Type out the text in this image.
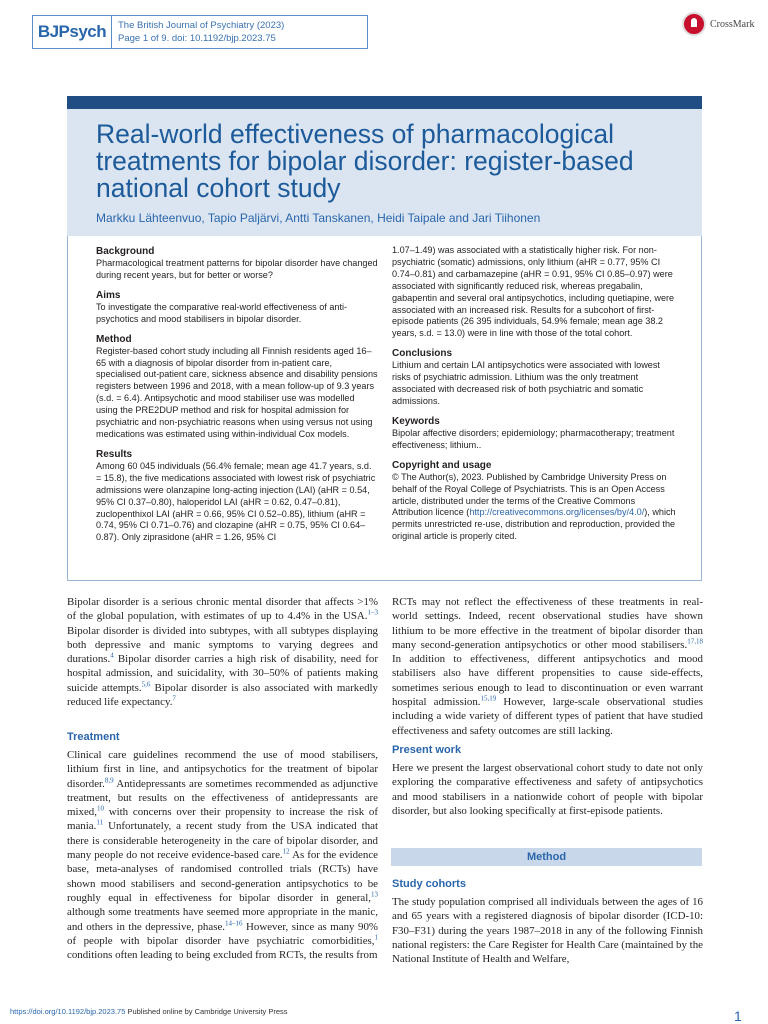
BJPsych	The British Journal of Psychiatry (2023)
Page 1 of 9. doi: 10.1192/bjp.2023.75
CrossMark
Real-world effectiveness of pharmacological treatments for bipolar disorder: register-based national cohort study
Markku Lähteenvuo, Tapio Paljärvi, Antti Tanskanen, Heidi Taipale and Jari Tiihonen
Background

Pharmacological treatment patterns for bipolar disorder have changed during recent years, but for better or worse?

Aims

To investigate the comparative real-world effectiveness of anti-psychotics and mood stabilisers in bipolar disorder.

Method

Register-based cohort study including all Finnish residents aged 16–65 with a diagnosis of bipolar disorder from in-patient care, specialised out-patient care, sickness absence and disability pensions registers between 1996 and 2018, with a mean follow-up of 9.3 years (s.d. = 6.4). Antipsychotic and mood stabiliser use was modelled using the PRE2DUP method and risk for hospital admission for psychiatric and non-psychiatric reasons when using versus not using medications was estimated using within-individual Cox models.

Results

Among 60 045 individuals (56.4% female; mean age 41.7 years, s.d. = 15.8), the five medications associated with lowest risk of psychiatric admissions were olanzapine long-acting injection (LAI) (aHR = 0.54, 95% CI 0.37–0.80), haloperidol LAI (aHR = 0.62, 0.47–0.81), zuclopenthixol LAI (aHR = 0.66, 95% CI 0.52–0.85), lithium (aHR = 0.74, 95% CI 0.71–0.76) and clozapine (aHR = 0.75, 95% CI 0.64–0.87). Only ziprasidone (aHR = 1.26, 95% CI

1.07–1.49) was associated with a statistically higher risk. For non-psychiatric (somatic) admissions, only lithium (aHR = 0.77, 95% CI 0.74–0.81) and carbamazepine (aHR = 0.91, 95% CI 0.85–0.97) were associated with significantly reduced risk, whereas pregabalin, gabapentin and several oral antipsychotics, including quetiapine, were associated with an increased risk. Results for a subcohort of first-episode patients (26 395 individuals, 54.9% female; mean age 38.2 years, s.d. = 13.0) were in line with those of the total cohort.

Conclusions

Lithium and certain LAI antipsychotics were associated with lowest risks of psychiatric admission. Lithium was the only treatment associated with decreased risk of both psychiatric and somatic admissions.

Keywords

Bipolar affective disorders; epidemiology; pharmacotherapy; treatment effectiveness; lithium..

Copyright and usage

© The Author(s), 2023. Published by Cambridge University Press on behalf of the Royal College of Psychiatrists. This is an Open Access article, distributed under the terms of the Creative Commons Attribution licence (http://creativecommons.org/licenses/by/4.0/), which permits unrestricted re-use, distribution and reproduction, provided the original article is properly cited.

Bipolar disorder is a serious chronic mental disorder that affects >1% of the global population, with estimates of up to 4.4% in the USA.$^{1-3}$ Bipolar disorder is divided into subtypes, with all subtypes displaying both depressive and manic symptoms to varying degrees and durations.$^4$ Bipolar disorder carries a high risk of disability, need for hospital admission, and suicidality, with 30–50% of patients making suicide attempts.$^{5,6}$ Bipolar disorder is also associated with markedly reduced life expectancy.$^7$

Treatment

Clinical care guidelines recommend the use of mood stabilisers, lithium first in line, and antipsychotics for the treatment of bipolar disorder.$^{8,9}$ Antidepressants are sometimes recommended as adjunctive treatment, but results on the effectiveness of antidepressants are mixed,$^{10}$ with concerns over their propensity to increase the risk of mania.$^{11}$ Unfortunately, a recent study from the USA indicated that there is considerable heterogeneity in the care of bipolar disorder, and many people do not receive evidence-based care.$^{12}$ As for the evidence base, meta-analyses of randomised controlled trials (RCTs) have shown mood stabilisers and second-generation antipsychotics to be roughly equal in effectiveness for bipolar disorder in general,$^{13}$ although some treatments have seemed more appropriate in the manic, and others in the depressive, phase.$^{14-16}$ However, since as many 90% of people with bipolar disorder have psychiatric comorbidities,$^1$ conditions often leading to being excluded from RCTs, the results from

RCTs may not reflect the effectiveness of these treatments in real-world settings. Indeed, recent observational studies have shown lithium to be more effective in the treatment of bipolar disorder than many second-generation antipsychotics or other mood stabilisers.$^{17,18}$ In addition to effectiveness, different antipsychotics and mood stabilisers also have different propensities to cause side-effects, sometimes serious enough to lead to discontinuation or even warrant hospital admission.$^{15,19}$ However, large-scale observational studies including a wide variety of different types of patient that have studied effectiveness and safety outcomes are still lacking.

Present work

Here we present the largest observational cohort study to date not only exploring the comparative effectiveness and safety of antipsychotics and mood stabilisers in a nationwide cohort of people with bipolar disorder, but also looking specifically at first-episode patients.

Method
Study cohorts

The study population comprised all individuals between the ages of 16 and 65 years with a registered diagnosis of bipolar disorder (ICD-10: F30–F31) during the years 1987–2018 in any of the following Finnish national registers: the Care Register for Health Care (maintained by the National Institute of Health and Welfare,

https://doi.org/10.1192/bjp.2023.75 Published online by Cambridge University Press	1
